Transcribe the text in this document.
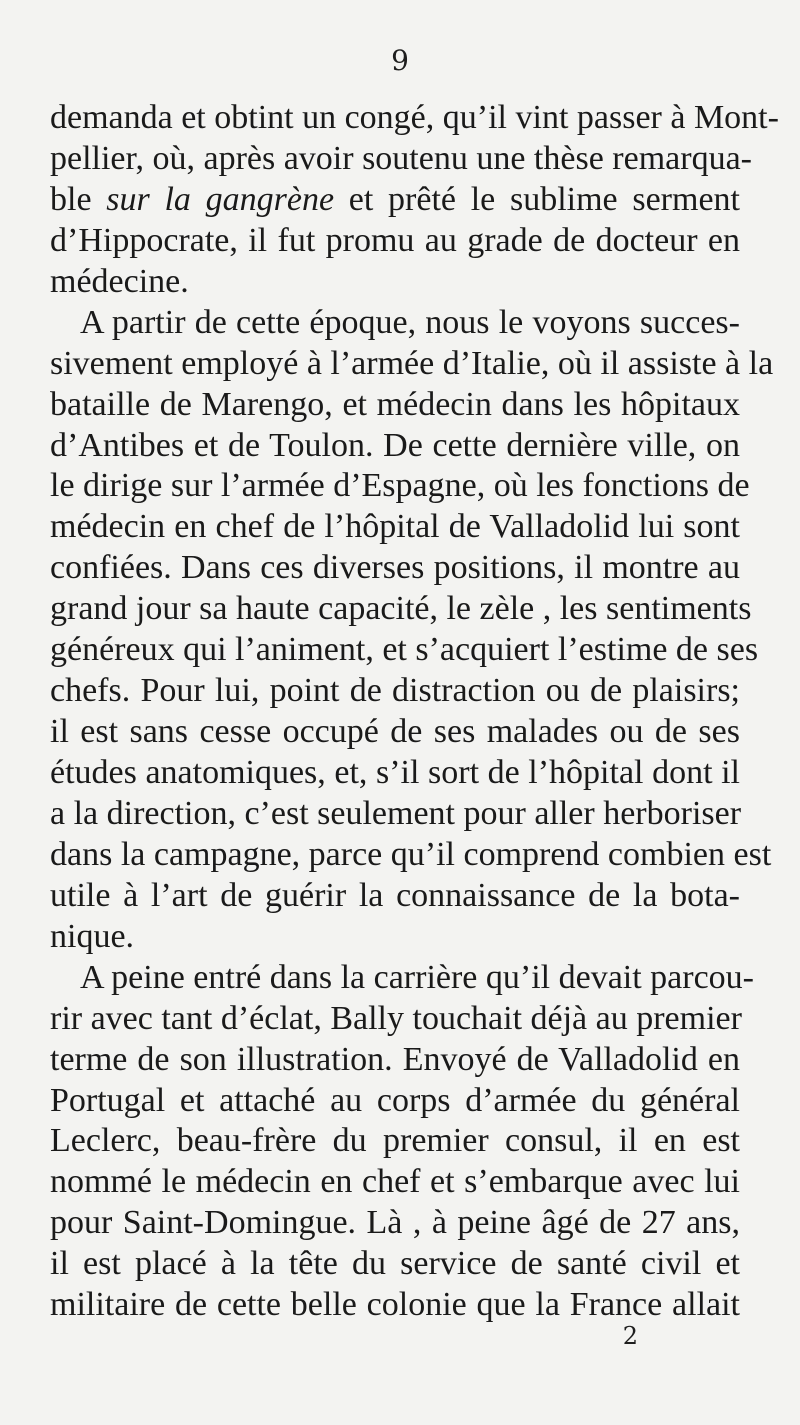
9
demanda et obtint un congé, qu’il vint passer à Mont-
pellier, où, après avoir soutenu une thèse remarqua-
ble sur la gangrène et prêté le sublime serment
d’Hippocrate, il fut promu au grade de docteur en
médecine.
A partir de cette époque, nous le voyons succes-
sivement employé à l’armée d’Italie, où il assiste à la
bataille de Marengo, et médecin dans les hôpitaux
d’Antibes et de Toulon. De cette dernière ville, on
le dirige sur l’armée d’Espagne, où les fonctions de
médecin en chef de l’hôpital de Valladolid lui sont
confiées. Dans ces diverses positions, il montre au
grand jour sa haute capacité, le zèle , les sentiments
généreux qui l’animent, et s’acquiert l’estime de ses
chefs. Pour lui, point de distraction ou de plaisirs;
il est sans cesse occupé de ses malades ou de ses
études anatomiques, et, s’il sort de l’hôpital dont il
a la direction, c’est seulement pour aller herboriser
dans la campagne, parce qu’il comprend combien est
utile à l’art de guérir la connaissance de la bota-
nique.
A peine entré dans la carrière qu’il devait parcou-
rir avec tant d’éclat, Bally touchait déjà au premier
terme de son illustration. Envoyé de Valladolid en
Portugal et attaché au corps d’armée du général
Leclerc, beau-frère du premier consul, il en est
nommé le médecin en chef et s’embarque avec lui
pour Saint-Domingue. Là , à peine âgé de 27 ans,
il est placé à la tête du service de santé civil et
militaire de cette belle colonie que la France allait
2
